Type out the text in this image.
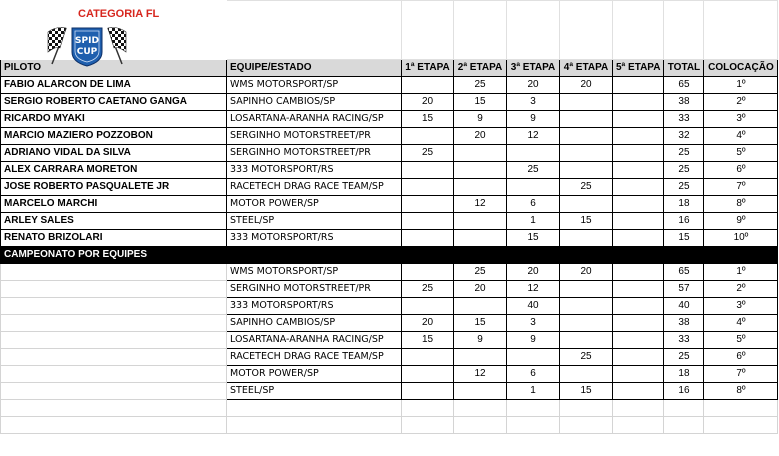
PILOTO	EQUIPE/ESTADO	1ª ETAPA	2ª ETAPA	3ª ETAPA	4ª ETAPA	5ª ETAPA	TOTAL	COLOCAÇÃO
FABIO ALARCON DE LIMA	WMS MOTORSPORT/SP		25	20	20		65	1º
SERGIO ROBERTO CAETANO GANGA	SAPINHO CAMBIOS/SP	20	15	3			38	2º
RICARDO MYAKI	LOSARTANA-ARANHA RACING/SP	15	9	9			33	3º
MARCIO MAZIERO POZZOBON	SERGINHO MOTORSTREET/PR		20	12			32	4º
ADRIANO VIDAL DA SILVA	SERGINHO MOTORSTREET/PR	25					25	5º
ALEX CARRARA MORETON	333 MOTORSPORT/RS			25			25	6º
JOSE ROBERTO PASQUALETE JR	RACETECH DRAG RACE TEAM/SP				25		25	7º
MARCELO MARCHI	MOTOR POWER/SP		12	6			18	8º
ARLEY SALES	STEEL/SP			1	15		16	9º
RENATO BRIZOLARI	333 MOTORSPORT/RS			15			15	10º
CAMPEONATO POR EQUIPES								
	WMS MOTORSPORT/SP		25	20	20		65	1º
	SERGINHO MOTORSTREET/PR	25	20	12			57	2º
	333 MOTORSPORT/RS			40			40	3º
	SAPINHO CAMBIOS/SP	20	15	3			38	4º
	LOSARTANA-ARANHA RACING/SP	15	9	9			33	5º
	RACETECH DRAG RACE TEAM/SP				25		25	6º
	MOTOR POWER/SP		12	6			18	7º
	STEEL/SP			1	15		16	8º

CATEGORIA FL
SPID
CUP
